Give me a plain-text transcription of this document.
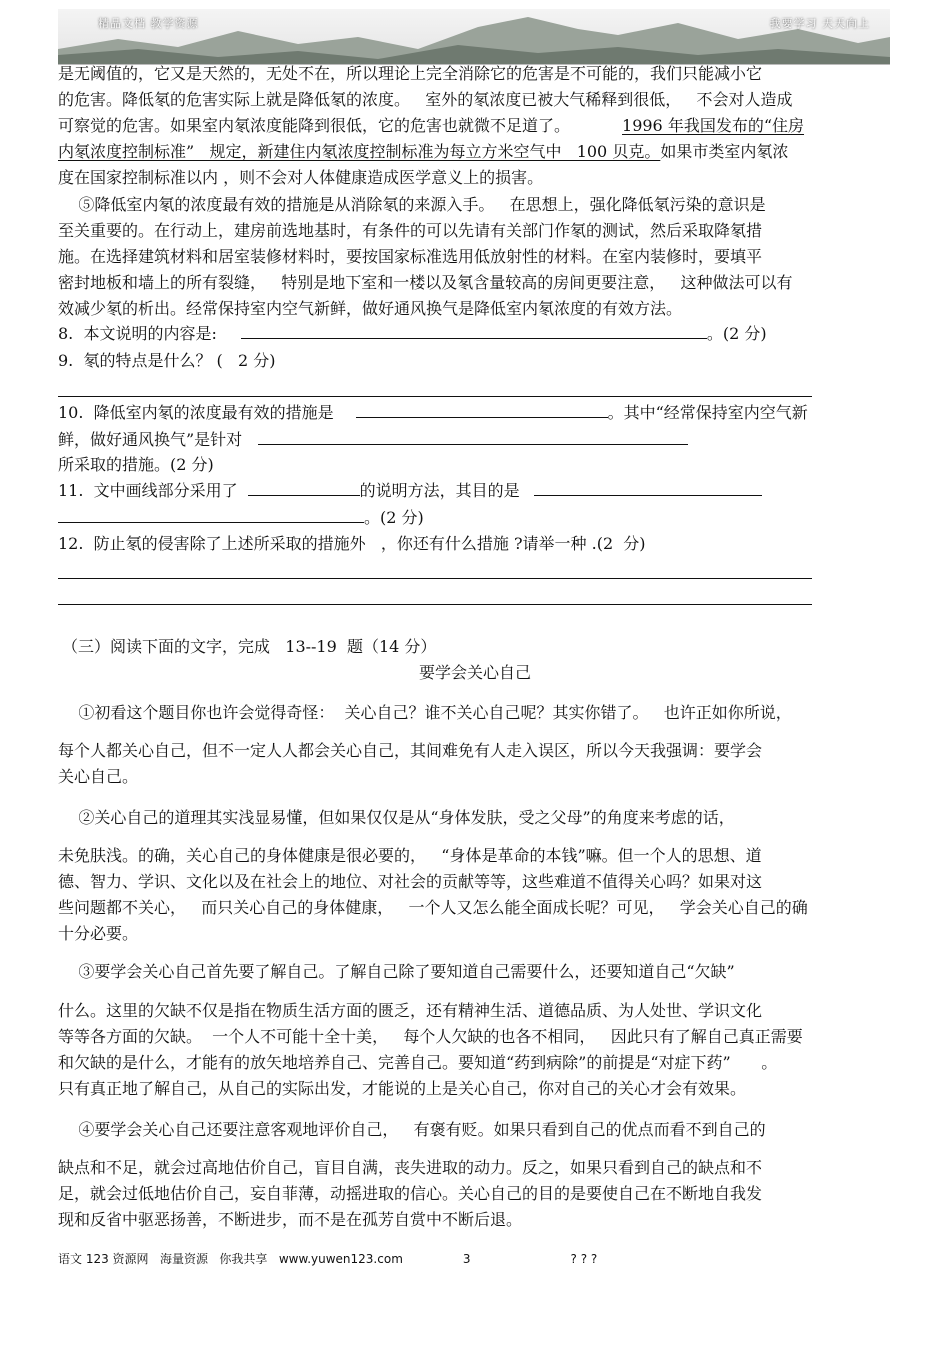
精品文档 教学资源	我要学习 天天向上
是无阈值的，它又是天然的，无处不在，所以理论上完全消除它的危害是不可能的，我们只能减小它
的危害。降低氡的危害实际上就是降低氡的浓度。   室外的氡浓度已被大气稀释到很低，   不会对人造成
可察觉的危害。如果室内氡浓度能降到很低，它的危害也就微不足道了。	1996 年我国发布的“住房
内氡浓度控制标准”   规定，新建住内氡浓度控制标准为每立方米空气中   100 贝克。如果市类室内氡浓
度在国家控制标准以内 ，则不会对人体健康造成医学意义上的损害。
⑤降低室内氡的浓度最有效的措施是从消除氡的来源入手。   在思想上，强化降低氡污染的意识是
至关重要的。在行动上，建房前选地基时，有条件的可以先请有关部门作氡的测试，然后采取降氡措
施。在选择建筑材料和居室装修材料时，要按国家标准选用低放射性的材料。在室内装修时，要填平
密封地板和墙上的所有裂缝，   特别是地下室和一楼以及氡含量较高的房间更要注意，   这种做法可以有
效减少氡的析出。经常保持室内空气新鲜，做好通风换气是降低室内氡浓度的有效方法。
8.  本文说明的内容是:	。(2 分)
9.  氡的特点是什么？ (   2 分)
10.  降低室内氡的浓度最有效的措施是	。其中“经常保持室内空气新
鲜，做好通风换气”是针对
所采取的措施。(2 分)
11.  文中画线部分采用了	的说明方法，其目的是
。(2 分)
12.  防止氡的侵害除了上述所采取的措施外   ，你还有什么措施 ?请举一种 .(2  分)
（三）阅读下面的文字，完成   13--19  题（14 分）
要学会关心自己
①初看这个题目你也许会觉得奇怪：  关心自己？谁不关心自己呢？其实你错了。   也许正如你所说，
每个人都关心自己，但不一定人人都会关心自己，其间难免有人走入误区，所以今天我强调：要学会
关心自己。
②关心自己的道理其实浅显易懂，但如果仅仅是从“身体发肤，受之父母”的角度来考虑的话，
未免肤浅。的确，关心自己的身体健康是很必要的，   “身体是革命的本钱”嘛。但一个人的思想、道
德、智力、学识、文化以及在社会上的地位、对社会的贡献等等，这些难道不值得关心吗？如果对这
些问题都不关心，   而只关心自己的身体健康，   一个人又怎么能全面成长呢？可见，   学会关心自己的确
十分必要。
③要学会关心自己首先要了解自己。了解自己除了要知道自己需要什么，还要知道自己“欠缺”
什么。这里的欠缺不仅是指在物质生活方面的匮乏，还有精神生活、道德品质、为人处世、学识文化
等等各方面的欠缺。  一个人不可能十全十美，   每个人欠缺的也各不相同，   因此只有了解自己真正需要
和欠缺的是什么，才能有的放矢地培养自己、完善自己。要知道“药到病除”的前提是“对症下药”      。
只有真正地了解自己，从自己的实际出发，才能说的上是关心自己，你对自己的关心才会有效果。
④要学会关心自己还要注意客观地评价自己，   有褒有贬。如果只看到自己的优点而看不到自己的
缺点和不足，就会过高地估价自己，盲目自满，丧失进取的动力。反之，如果只看到自己的缺点和不
足，就会过低地估价自己，妄自菲薄，动摇进取的信心。关心自己的目的是要使自己在不断地自我发
现和反省中驱恶扬善，不断进步，而不是在孤芳自赏中不断后退。
语文 123 资源网   海量资源   你我共享   www.yuwen123.com	3	? ? ?
